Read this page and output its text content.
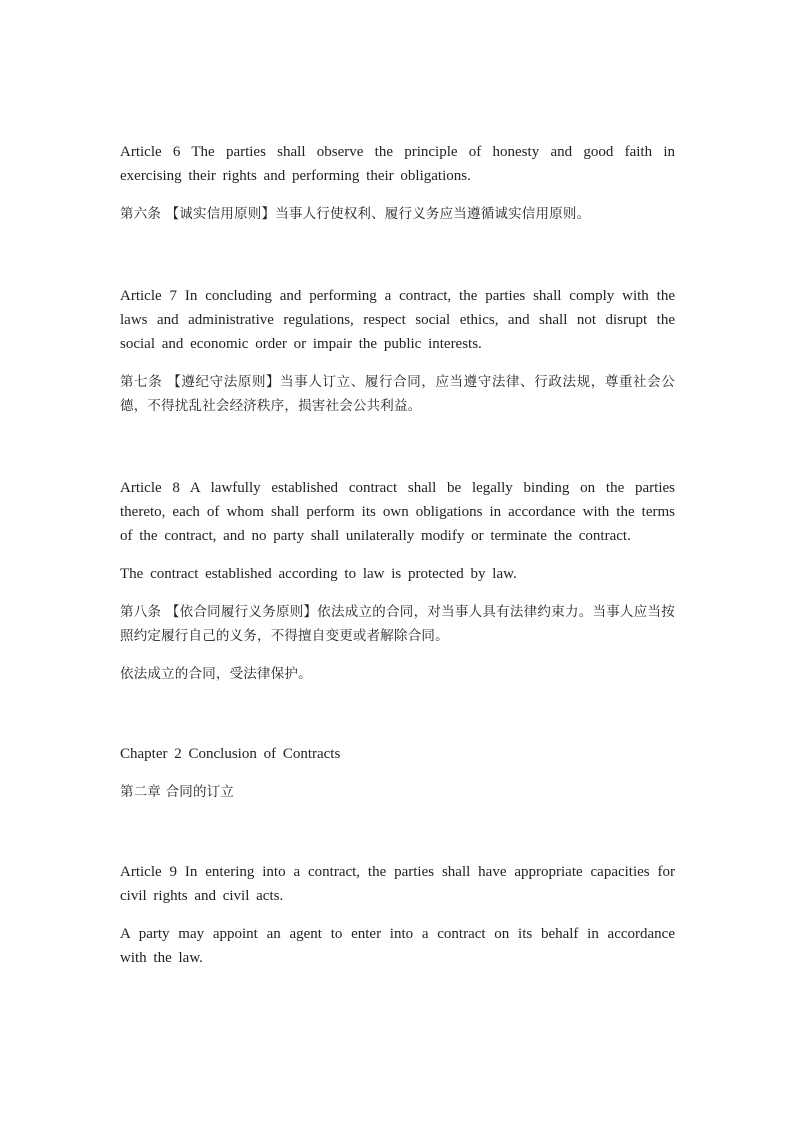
Article 6 The parties shall observe the principle of honesty and good faith in exercising their rights and performing their obligations.

第六条 【诚实信用原则】当事人行使权利、履行义务应当遵循诚实信用原则。

Article 7 In concluding and performing a contract, the parties shall comply with the laws and administrative regulations, respect social ethics, and shall not disrupt the social and economic order or impair the public interests.

第七条 【遵纪守法原则】当事人订立、履行合同，应当遵守法律、行政法规，尊重社会公德，不得扰乱社会经济秩序，损害社会公共利益。

Article 8 A lawfully established contract shall be legally binding on the parties thereto, each of whom shall perform its own obligations in accordance with the terms of the contract, and no party shall unilaterally modify or terminate the contract.

The contract established according to law is protected by law.

第八条 【依合同履行义务原则】依法成立的合同，对当事人具有法律约束力。当事人应当按照约定履行自己的义务，不得擅自变更或者解除合同。

依法成立的合同，受法律保护。

Chapter 2 Conclusion of Contracts

第二章 合同的订立

Article 9 In entering into a contract, the parties shall have appropriate capacities for civil rights and civil acts.

A party may appoint an agent to enter into a contract on its behalf in accordance with the law.
